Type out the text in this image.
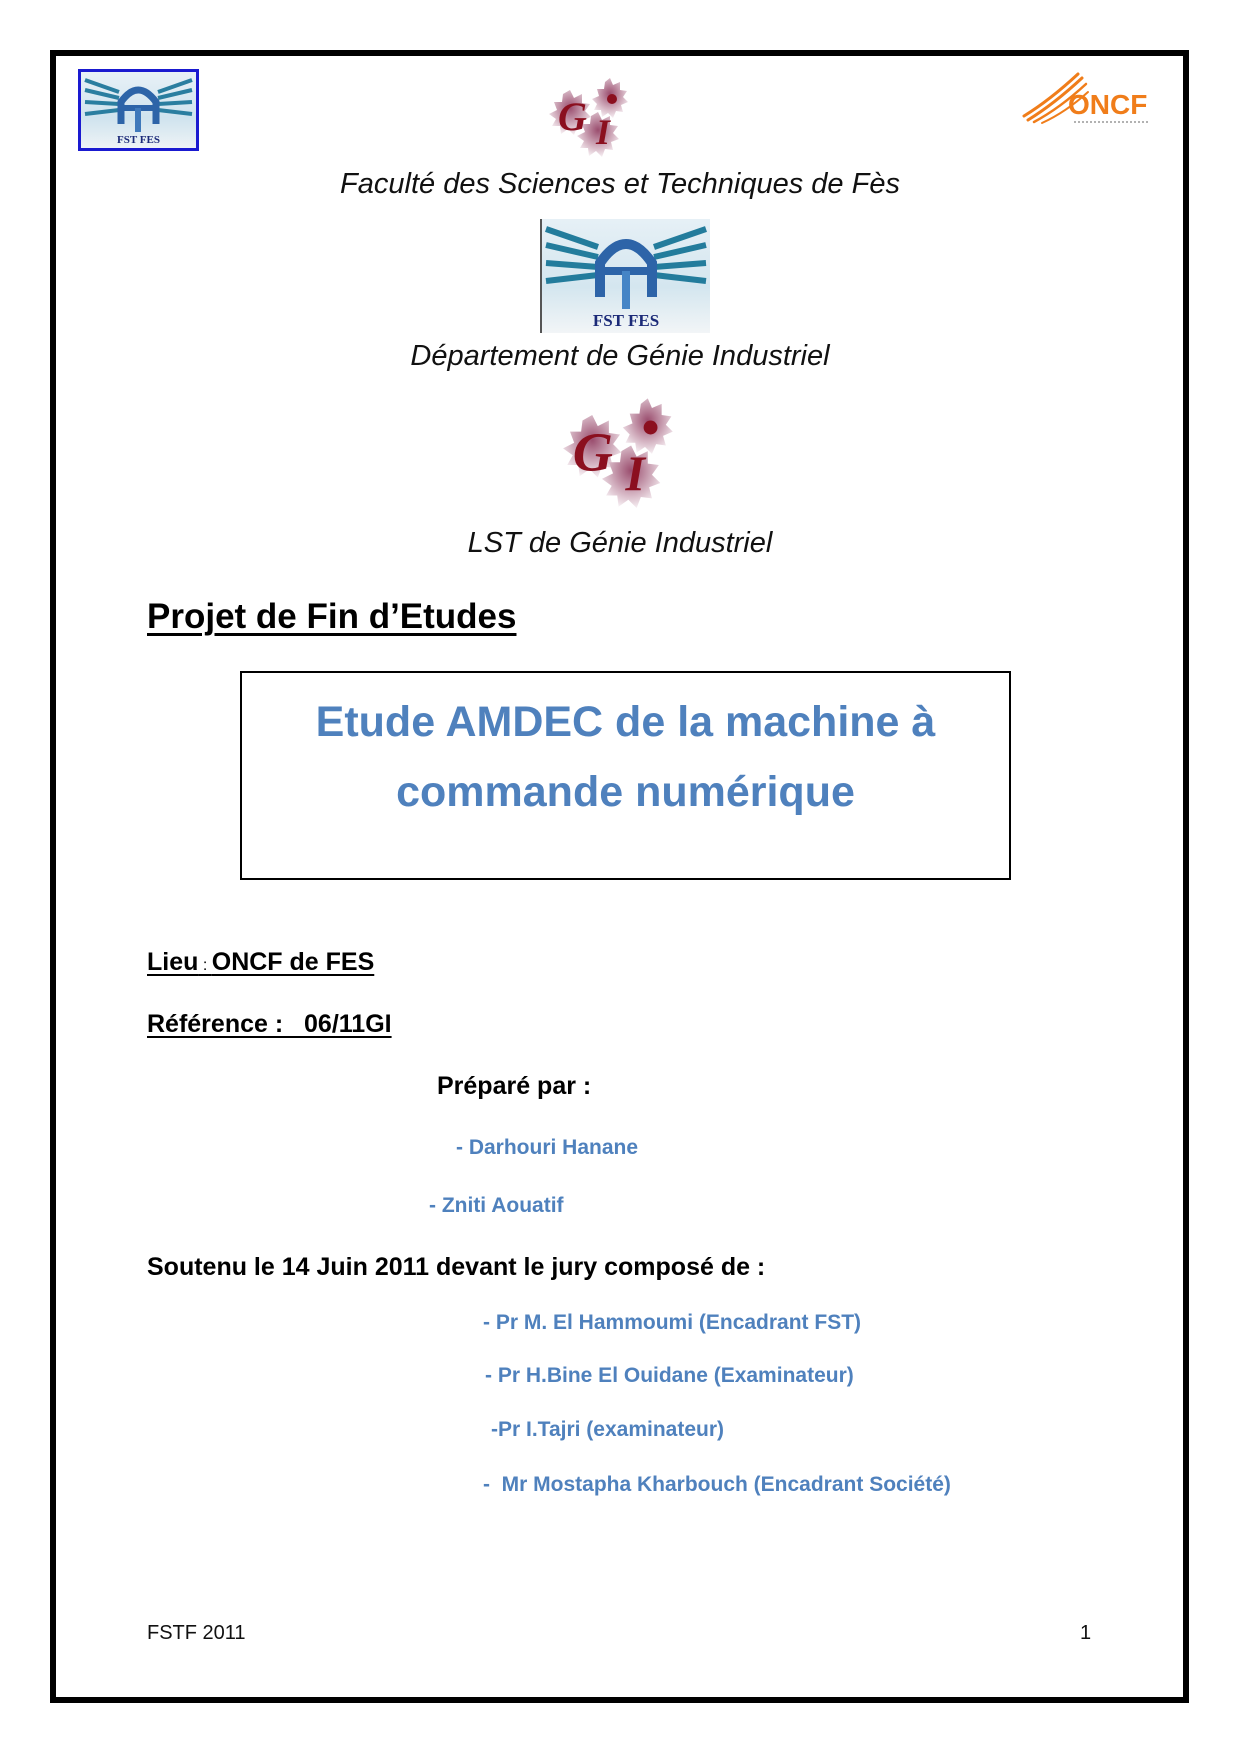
FST FES
G I
ONCF
Faculté des Sciences et Techniques de Fès
FST FES
Département de Génie Industriel
G I
LST de Génie Industriel
Projet de Fin d’Etudes
Etude AMDEC de la machine à
commande numérique
Lieu : ONCF de FES
Référence :   06/11GI
Préparé par :
- Darhouri Hanane
- Zniti Aouatif
Soutenu le 14 Juin 2011 devant le jury composé de :
- Pr M. El Hammoumi (Encadrant FST)
- Pr H.Bine El Ouidane (Examinateur)
-Pr I.Tajri (examinateur)
-  Mr Mostapha Kharbouch (Encadrant Société)
FSTF 2011	1
